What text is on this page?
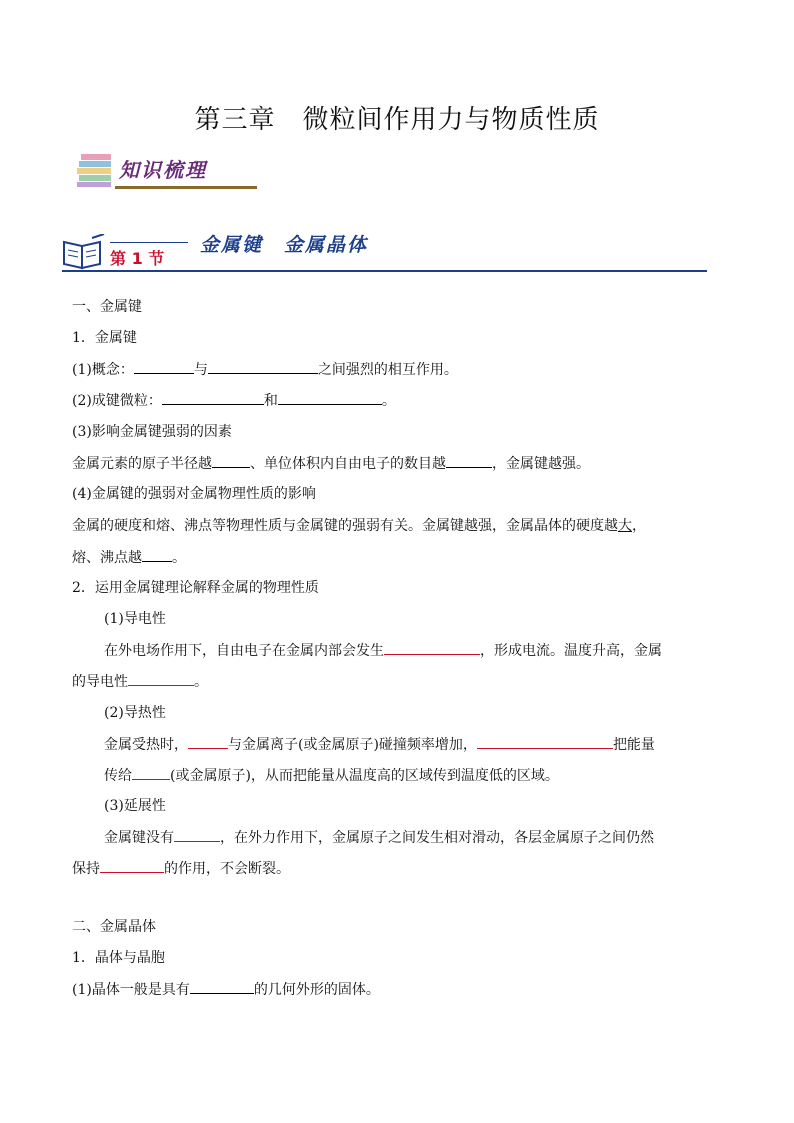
第三章　微粒间作用力与物质性质
知识梳理
第 1 节
金属键　金属晶体
一、金属键
1．金属键
(1)概念：	与	之间强烈的相互作用。
(2)成键微粒：	和	。
(3)影响金属键强弱的因素
金属元素的原子半径越	、单位体积内自由电子的数目越	，金属键越强。
(4)金属键的强弱对金属物理性质的影响
金属的硬度和熔、沸点等物理性质与金属键的强弱有关。金属键越强，金属晶体的硬度越大，
熔、沸点越 。
2．运用金属键理论解释金属的物理性质
(1)导电性
在外电场作用下，自由电子在金属内部会发生	，形成电流。温度升高，金属
的导电性	。
(2)导热性
金属受热时，	与金属离子(或金属原子)碰撞频率增加，	把能量
传给	(或金属原子)，从而把能量从温度高的区域传到温度低的区域。
(3)延展性
金属键没有	，在外力作用下，金属原子之间发生相对滑动，各层金属原子之间仍然
保持	的作用，不会断裂。
二、金属晶体
1．晶体与晶胞
(1)晶体一般是具有	的几何外形的固体。
